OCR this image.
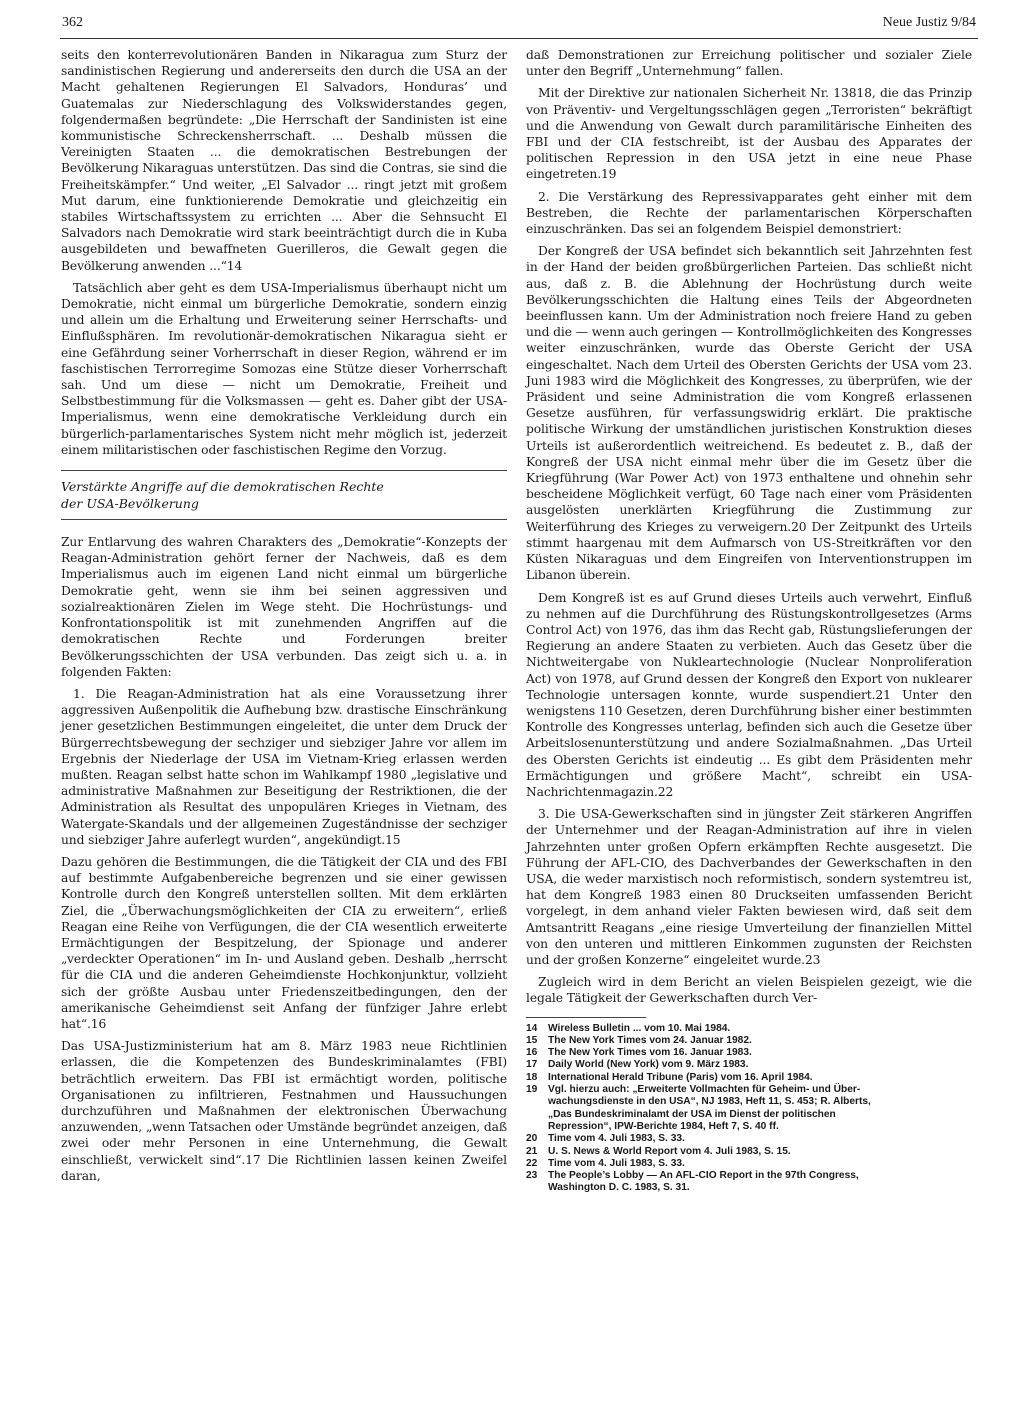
362	Neue Justiz 9/84

seits den konterrevolutionären Banden in Nikaragua zum Sturz der sandinistischen Regierung und andererseits den durch die USA an der Macht gehaltenen Regierungen El Salvadors, Honduras’ und Guatemalas zur Niederschlagung des Volkswiderstandes gegen, folgendermaßen begründete: „Die Herrschaft der Sandinisten ist eine kommunistische Schreckensherrschaft. ... Deshalb müssen die Vereinigten Staaten ... die demokratischen Bestrebungen der Bevölkerung Nikaraguas unterstützen. Das sind die Contras, sie sind die Freiheitskämpfer.“ Und weiter, „El Salvador ... ringt jetzt mit großem Mut darum, eine funktionierende Demokratie und gleichzeitig ein stabiles Wirtschaftssystem zu errichten ... Aber die Sehnsucht El Salvadors nach Demokratie wird stark beeinträchtigt durch die in Kuba ausgebildeten und bewaffneten Guerilleros, die Gewalt gegen die Bevölkerung anwenden ...“14

Tatsächlich aber geht es dem USA-Imperialismus überhaupt nicht um Demokratie, nicht einmal um bürgerliche Demokratie, sondern einzig und allein um die Erhaltung und Erweiterung seiner Herrschafts- und Einflußsphären. Im revolutionär-demokratischen Nikaragua sieht er eine Gefährdung seiner Vorherrschaft in dieser Region, während er im faschistischen Terrorregime Somozas eine Stütze dieser Vorherrschaft sah. Und um diese — nicht um Demokratie, Freiheit und Selbstbestimmung für die Volksmassen — geht es. Daher gibt der USA-Imperialismus, wenn eine demokratische Verkleidung durch ein bürgerlich-parlamentarisches System nicht mehr möglich ist, jederzeit einem militaristischen oder faschistischen Regime den Vorzug.

Verstärkte Angriffe auf die demokratischen Rechte
der USA-Bevölkerung

Zur Entlarvung des wahren Charakters des „Demokratie“-Konzepts der Reagan-Administration gehört ferner der Nachweis, daß es dem Imperialismus auch im eigenen Land nicht einmal um bürgerliche Demokratie geht, wenn sie ihm bei seinen aggressiven und sozialreaktionären Zielen im Wege steht. Die Hochrüstungs- und Konfrontationspolitik ist mit zunehmenden Angriffen auf die demokratischen Rechte und Forderungen breiter Bevölkerungsschichten der USA verbunden. Das zeigt sich u. a. in folgenden Fakten:

1. Die Reagan-Administration hat als eine Voraussetzung ihrer aggressiven Außenpolitik die Aufhebung bzw. drastische Einschränkung jener gesetzlichen Bestimmungen eingeleitet, die unter dem Druck der Bürgerrechtsbewegung der sechziger und siebziger Jahre vor allem im Ergebnis der Niederlage der USA im Vietnam-Krieg erlassen werden mußten. Reagan selbst hatte schon im Wahlkampf 1980 „legislative und administrative Maßnahmen zur Beseitigung der Restriktionen, die der Administration als Resultat des unpopulären Krieges in Vietnam, des Watergate-Skandals und der allgemeinen Zugeständnisse der sechziger und siebziger Jahre auferlegt wurden“, angekündigt.15

Dazu gehören die Bestimmungen, die die Tätigkeit der CIA und des FBI auf bestimmte Aufgabenbereiche begrenzen und sie einer gewissen Kontrolle durch den Kongreß unterstellen sollten. Mit dem erklärten Ziel, die „Überwachungsmöglichkeiten der CIA zu erweitern“, erließ Reagan eine Reihe von Verfügungen, die der CIA wesentlich erweiterte Ermächtigungen der Bespitzelung, der Spionage und anderer „verdeckter Operationen“ im In- und Ausland geben. Deshalb „herrscht für die CIA und die anderen Geheimdienste Hochkonjunktur, vollzieht sich der größte Ausbau unter Friedenszeitbedingungen, den der amerikanische Geheimdienst seit Anfang der fünfziger Jahre erlebt hat“.16

Das USA-Justizministerium hat am 8. März 1983 neue Richtlinien erlassen, die die Kompetenzen des Bundeskriminalamtes (FBI) beträchtlich erweitern. Das FBI ist ermächtigt worden, politische Organisationen zu infiltrieren, Festnahmen und Haussuchungen durchzuführen und Maßnahmen der elektronischen Überwachung anzuwenden, „wenn Tatsachen oder Umstände begründet anzeigen, daß zwei oder mehr Personen in eine Unternehmung, die Gewalt einschließt, verwickelt sind“.17 Die Richtlinien lassen keinen Zweifel daran,

daß Demonstrationen zur Erreichung politischer und sozialer Ziele unter den Begriff „Unternehmung“ fallen.

Mit der Direktive zur nationalen Sicherheit Nr. 13818, die das Prinzip von Präventiv- und Vergeltungsschlägen gegen „Terroristen“ bekräftigt und die Anwendung von Gewalt durch paramilitärische Einheiten des FBI und der CIA festschreibt, ist der Ausbau des Apparates der politischen Repression in den USA jetzt in eine neue Phase eingetreten.19

2. Die Verstärkung des Repressivapparates geht einher mit dem Bestreben, die Rechte der parlamentarischen Körperschaften einzuschränken. Das sei an folgendem Beispiel demonstriert:

Der Kongreß der USA befindet sich bekanntlich seit Jahrzehnten fest in der Hand der beiden großbürgerlichen Parteien. Das schließt nicht aus, daß z. B. die Ablehnung der Hochrüstung durch weite Bevölkerungsschichten die Haltung eines Teils der Abgeordneten beeinflussen kann. Um der Administration noch freiere Hand zu geben und die — wenn auch geringen — Kontrollmöglichkeiten des Kongresses weiter einzuschränken, wurde das Oberste Gericht der USA eingeschaltet. Nach dem Urteil des Obersten Gerichts der USA vom 23. Juni 1983 wird die Möglichkeit des Kongresses, zu überprüfen, wie der Präsident und seine Administration die vom Kongreß erlassenen Gesetze ausführen, für verfassungswidrig erklärt. Die praktische politische Wirkung der umständlichen juristischen Konstruktion dieses Urteils ist außerordentlich weitreichend. Es bedeutet z. B., daß der Kongreß der USA nicht einmal mehr über die im Gesetz über die Kriegführung (War Power Act) von 1973 enthaltene und ohnehin sehr bescheidene Möglichkeit verfügt, 60 Tage nach einer vom Präsidenten ausgelösten unerklärten Kriegführung die Zustimmung zur Weiterführung des Krieges zu verweigern.20 Der Zeitpunkt des Urteils stimmt haargenau mit dem Aufmarsch von US-Streitkräften vor den Küsten Nikaraguas und dem Eingreifen von Interventionstruppen im Libanon überein.

Dem Kongreß ist es auf Grund dieses Urteils auch verwehrt, Einfluß zu nehmen auf die Durchführung des Rüstungskontrollgesetzes (Arms Control Act) von 1976, das ihm das Recht gab, Rüstungslieferungen der Regierung an andere Staaten zu verbieten. Auch das Gesetz über die Nichtweitergabe von Nukleartechnologie (Nuclear Nonproliferation Act) von 1978, auf Grund dessen der Kongreß den Export von nuklearer Technologie untersagen konnte, wurde suspendiert.21 Unter den wenigstens 110 Gesetzen, deren Durchführung bisher einer bestimmten Kontrolle des Kongresses unterlag, befinden sich auch die Gesetze über Arbeitslosenunterstützung und andere Sozialmaßnahmen. „Das Urteil des Obersten Gerichts ist eindeutig ... Es gibt dem Präsidenten mehr Ermächtigungen und größere Macht“, schreibt ein USA-Nachrichtenmagazin.22

3. Die USA-Gewerkschaften sind in jüngster Zeit stärkeren Angriffen der Unternehmer und der Reagan-Administration auf ihre in vielen Jahrzehnten unter großen Opfern erkämpften Rechte ausgesetzt. Die Führung der AFL-CIO, des Dachverbandes der Gewerkschaften in den USA, die weder marxistisch noch reformistisch, sondern systemtreu ist, hat dem Kongreß 1983 einen 80 Druckseiten umfassenden Bericht vorgelegt, in dem anhand vieler Fakten bewiesen wird, daß seit dem Amtsantritt Reagans „eine riesige Umverteilung der finanziellen Mittel von den unteren und mittleren Einkommen zugunsten der Reichsten und der großen Konzerne“ eingeleitet wurde.23

Zugleich wird in dem Bericht an vielen Beispielen gezeigt, wie die legale Tätigkeit der Gewerkschaften durch Ver-

14	Wireless Bulletin ... vom 10. Mai 1984.
15	The New York Times vom 24. Januar 1982.
16	The New York Times vom 16. Januar 1983.
17	Daily World (New York) vom 9. März 1983.
18	International Herald Tribune (Paris) vom 16. April 1984.
19	Vgl. hierzu auch: „Erweiterte Vollmachten für Geheim- und Über-
wachungsdienste in den USA“, NJ 1983, Heft 11, S. 453; R. Alberts,
„Das Bundeskriminalamt der USA im Dienst der politischen
Repression“, IPW-Berichte 1984, Heft 7, S. 40 ff.
20	Time vom 4. Juli 1983, S. 33.
21	U. S. News & World Report vom 4. Juli 1983, S. 15.
22	Time vom 4. Juli 1983, S. 33.
23	The People’s Lobby — An AFL-CIO Report in the 97th Congress,
Washington D. C. 1983, S. 31.
